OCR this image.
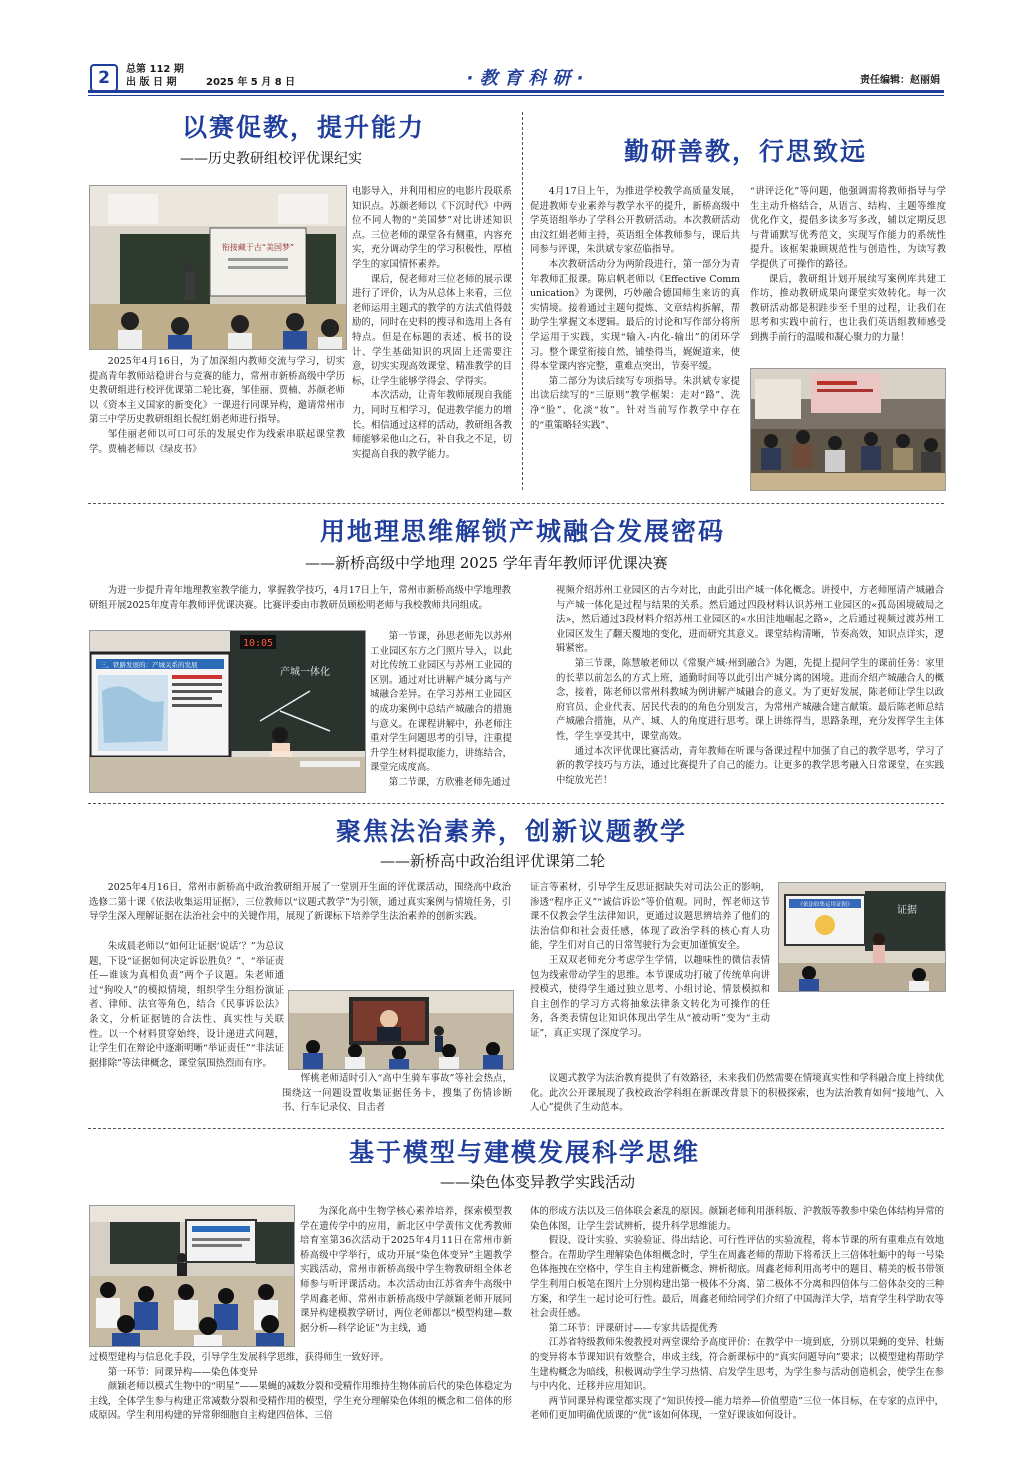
2	总第 112 期
出 版 日 期	2025 年 5 月 8 日	· 教 育 科 研 ·	责任编辑：赵丽娟
以赛促教，提升能力
——历史教研组校评优课纪实
衔接藏于古“美国梦”

电影导入，并利用相应的电影片段联系知识点。苏颜老师以《下沉时代》中两位不同人物的“美国梦”对比讲述知识点。三位老师的课堂各有侧重，内容充实，充分调动学生的学习积极性，厚植学生的家国情怀素养。

课后，倪老师对三位老师的展示课进行了评价，认为从总体上来看，三位老师运用主题式的教学的方法式值得鼓励的，同时在史料的搜寻和选用上各有特点。但是在标题的表述、板书的设计、学生基础知识的巩固上还需要注意，切实实现高效课堂、精准教学的目标，让学生能够学得会、学得实。

本次活动，让青年教师展现自我能力，同时互相学习，促进教学能力的增长。相信通过这样的活动，教研组各教师能够采他山之石，补自我之不足，切实提高自我的教学能力。

2025年4月16日，为了加深组内教师交流与学习，切实提高青年教师站稳讲台与竞赛的能力，常州市新桥高级中学历史教研组进行校评优课第二轮比赛，邹佳丽、贾楠、苏颜老师以《资本主义国家的新变化》一课进行同课异构，邀请常州市第三中学历史教研组组长倪红娟老师进行指导。

邹佳丽老师以可口可乐的发展史作为线索串联起课堂教学。贾楠老师以《绿皮书》

勤研善教，行思致远

4月17日上午，为推进学校教学高质量发展，促进教师专业素养与教学水平的提升，新桥高级中学英语组举办了学科公开教研活动。本次教研活动由汶红娟老师主持，英语组全体教师参与，课后共同参与评课，朱洪斌专家莅临指导。

本次教研活动分为两阶段进行，第一部分为青年教师汇报课。陈启帆老师以《Effective Communication》为课例，巧妙融合德国师生来访的真实情境。接着通过主题句提炼、文章结构拆解，帮助学生掌握文本逻辑。最后的讨论和写作部分将所学运用于实践，实现“输入-内化-输出”的闭环学习。整个课堂衔接自然，铺垫得当，娓娓道来，使得本堂课内容完整，重难点突出，节奏平缓。

第二部分为读后续写专项指导。朱洪斌专家提出读后续写的“三原则”教学框架：走对“路”、洗净“脸”、化淡“妆”。针对当前写作教学中存在的“重策略轻实践”、

“讲评泛化”等问题，他强调需将教师指导与学生主动升格结合，从语言、结构、主题等维度优化作文，提倡多读多写多改，辅以定期反思与背诵默写优秀范文，实现写作能力的系统性提升。该框架兼顾规范性与创造性，为读写教学提供了可操作的路径。

课后，教研组计划开展续写案例库共建工作坊，推动教研成果向课堂实效转化。每一次教研活动都是积跬步至千里的过程，让我们在思考和实践中前行，也让我们英语组教师感受到携手前行的温暖和凝心聚力的力量！

用地理思维解锁产城融合发展密码
——新桥高级中学地理 2025 学年青年教师评优课决赛

为进一步提升青年地理教室教学能力，掌握教学技巧，4月17日上午，常州市新桥高级中学地理教研组开展2025年度青年教师评优课决赛。比赛评委由市教研员顾松明老师与我校教师共同组成。

三、铁路发展的：产城关系的发展
10:05
产城一体化

第一节课，孙思老师先以苏州工业园区东方之门照片导入，以此对比传统工业园区与苏州工业园的区别。通过对比讲解产城分离与产城融合差异。在学习苏州工业园区的成功案例中总结产城融合的措施与意义。在课程讲解中，孙老师注重对学生问题思考的引导，注重提升学生材料提取能力，讲练结合，课堂完成度高。

第二节课，方欣雅老师先通过

视频介绍苏州工业园区的古今对比，由此引出产城一体化概念。讲授中，方老师厘清产城融合与产城一体化是过程与结果的关系。然后通过四段材料认识苏州工业园区的«孤岛困境破局之法»，然后通过3段材料介绍苏州工业园区的«水田洼地崛起之路»，之后通过视频过渡苏州工业园区发生了翻天覆地的变化，进而研究其意义。课堂结构清晰，节奏高效，知识点详实，逻辑紧密。

第三节课，陈慧敏老师以《常聚产城·州到融合》为题，先提上提问学生的课前任务：家里的长辈以前怎么的方式上班，通勤时间等以此引出产城分离的困境。进而介绍产城融合人的概念，接着，陈老师以常州科教城为例讲解产城融合的意义。为了更好发展，陈老师让学生以政府官员、企业代表、居民代表的的角色分别发言，为常州产城融合建言献策。最后陈老师总结产城融合措施，从产、城、人的角度进行思考。课上讲练得当，思路条理，充分发挥学生主体性，学生享受其中，课堂高效。

通过本次评优课比赛活动，青年教师在听课与备课过程中加强了自己的教学思考，学习了新的教学技巧与方法，通过比赛提升了自己的能力。让更多的教学思考融入日常课堂，在实践中绽放光芒！

聚焦法治素养，创新议题教学
——新桥高中政治组评优课第二轮

2025年4月16日，常州市新桥高中政治教研组开展了一堂别开生面的评优课活动，围绕高中政治选修二第十课《依法收集运用证据》，三位教师以“议题式教学”为引领，通过真实案例与情境任务，引导学生深入理解证据在法治社会中的关键作用，展现了新课标下培养学生法治素养的创新实践。

朱成晨老师以“如何让证据‘说话’？”为总议题，下设“证据如何决定诉讼胜负？”、“举证责任—谁该为真相负责”两个子议题。朱老师通过“狗咬人”的模拟情境，组织学生分组扮演证者、律师、法官等角色，结合《民事诉讼法》条文，分析证据链的合法性、真实性与关联性。以一个材料贯穿始终，设计递进式问题，让学生们在辩论中逐渐明晰“举证责任”“非法证据排除”等法律概念，课堂氛围热烈而有序。

恽桃老师适时引入“高中生骑车事故”等社会热点，围绕这一问题设置收集证据任务卡，搜集了伤情诊断书、行车记录仪、目击者

证言等素材，引导学生反思证据缺失对司法公正的影响，渗透“程序正义”“诚信诉讼”等价值观。同时，恽老师这节课不仅教会学生法律知识，更通过议题思辨培养了他们的法治信仰和社会责任感，体现了政治学科的核心育人功能，学生们对自己的日常驾驶行为会更加谨慎安全。

王双双老师充分考虑学生学情，以趣味性的微信表情包为线索带动学生的思维。本节课成功打破了传统单向讲授模式，使得学生通过独立思考、小组讨论、情景模拟和自主创作的学习方式将抽象法律条文转化为可操作的任务，各类表情包让知识体现出学生从“被动听”变为“主动证”，真正实现了深度学习。

《依法收集运用证据》	证据

议题式教学为法治教育提供了有效路径，未来我们仍然需要在情境真实性和学科融合度上持续优化。此次公开课展现了我校政治学科组在新课改背景下的积极探索，也为法治教育如何“接地气、入人心”提供了生动范本。

基于模型与建模发展科学思维
——染色体变异教学实践活动

为深化高中生物学核心素养培养，探索模型教学在遗传学中的应用，新北区中学黄伟文优秀教师培育室第36次活动于2025年4月11日在常州市新桥高级中学举行，成功开展“染色体变异”主题教学实践活动，常州市新桥高级中学生物教研组全体老师参与听评课活动。本次活动由江苏省奔牛高级中学周鑫老师、常州市新桥高级中学颜颖老师开展同课异构建模教学研讨，两位老师都以“模型构建—数据分析—科学论证”为主线，通

过模型建构与信息化手段，引导学生发展科学思维，获得师生一致好评。

第一环节：同课异构——染色体变异

颜颖老师以模式生物中的“明星”——果蝇的减数分裂和受精作用维持生物体前后代的染色体稳定为主线，全体学生参与构建正常减数分裂和受精作用的模型，学生充分理解染色体组的概念和二倍体的形成原因。学生利用构建的异常卵细胞自主构建四倍体、三倍

体的形成方法以及三倍体联会紊乱的原因。颜颖老师利用浙科版、沪教版等教参中染色体结构异常的染色体图，让学生尝试辨析，提升科学思维能力。

假设、设计实验、实验验证、得出结论、可行性评估的实验流程，将本节课的所有重难点有效地整合。在帮助学生理解染色体组概念时，学生在周鑫老师的帮助下将希沃上三倍体牡蛎中的每一号染色体拖拽在空格中，学生自主构建新概念、辨析彻底。周鑫老师利用高考中的题目、精美的板书带领学生利用白板笔在图片上分别构建出第一极体不分离、第二极体不分离和四倍体与二倍体杂交的三种方案，和学生一起讨论可行性。最后，周鑫老师给同学们介绍了中国海洋大学，培育学生科学助农等社会责任感。

第二环节：评课研讨——专家共话提优秀

江苏省特级教师朱俊教授对两堂课给予高度评价：在教学中一境到底，分别以果蝇的变异、牡蛎的变异将本节课知识有效整合，串成主线，符合新课标中的“真实问题导向”要求；以模型建构帮助学生建构概念为暗线，积极调动学生学习热情、启发学生思考，为学生参与活动创造机会，使学生在参与中内化、迁移并应用知识。

两节同课异构课堂都实现了“知识传授—能力培养—价值塑造”三位一体目标，在专家的点评中，老师们更加明确优质课的“优”该如何体现，一堂好课该如何设计。
